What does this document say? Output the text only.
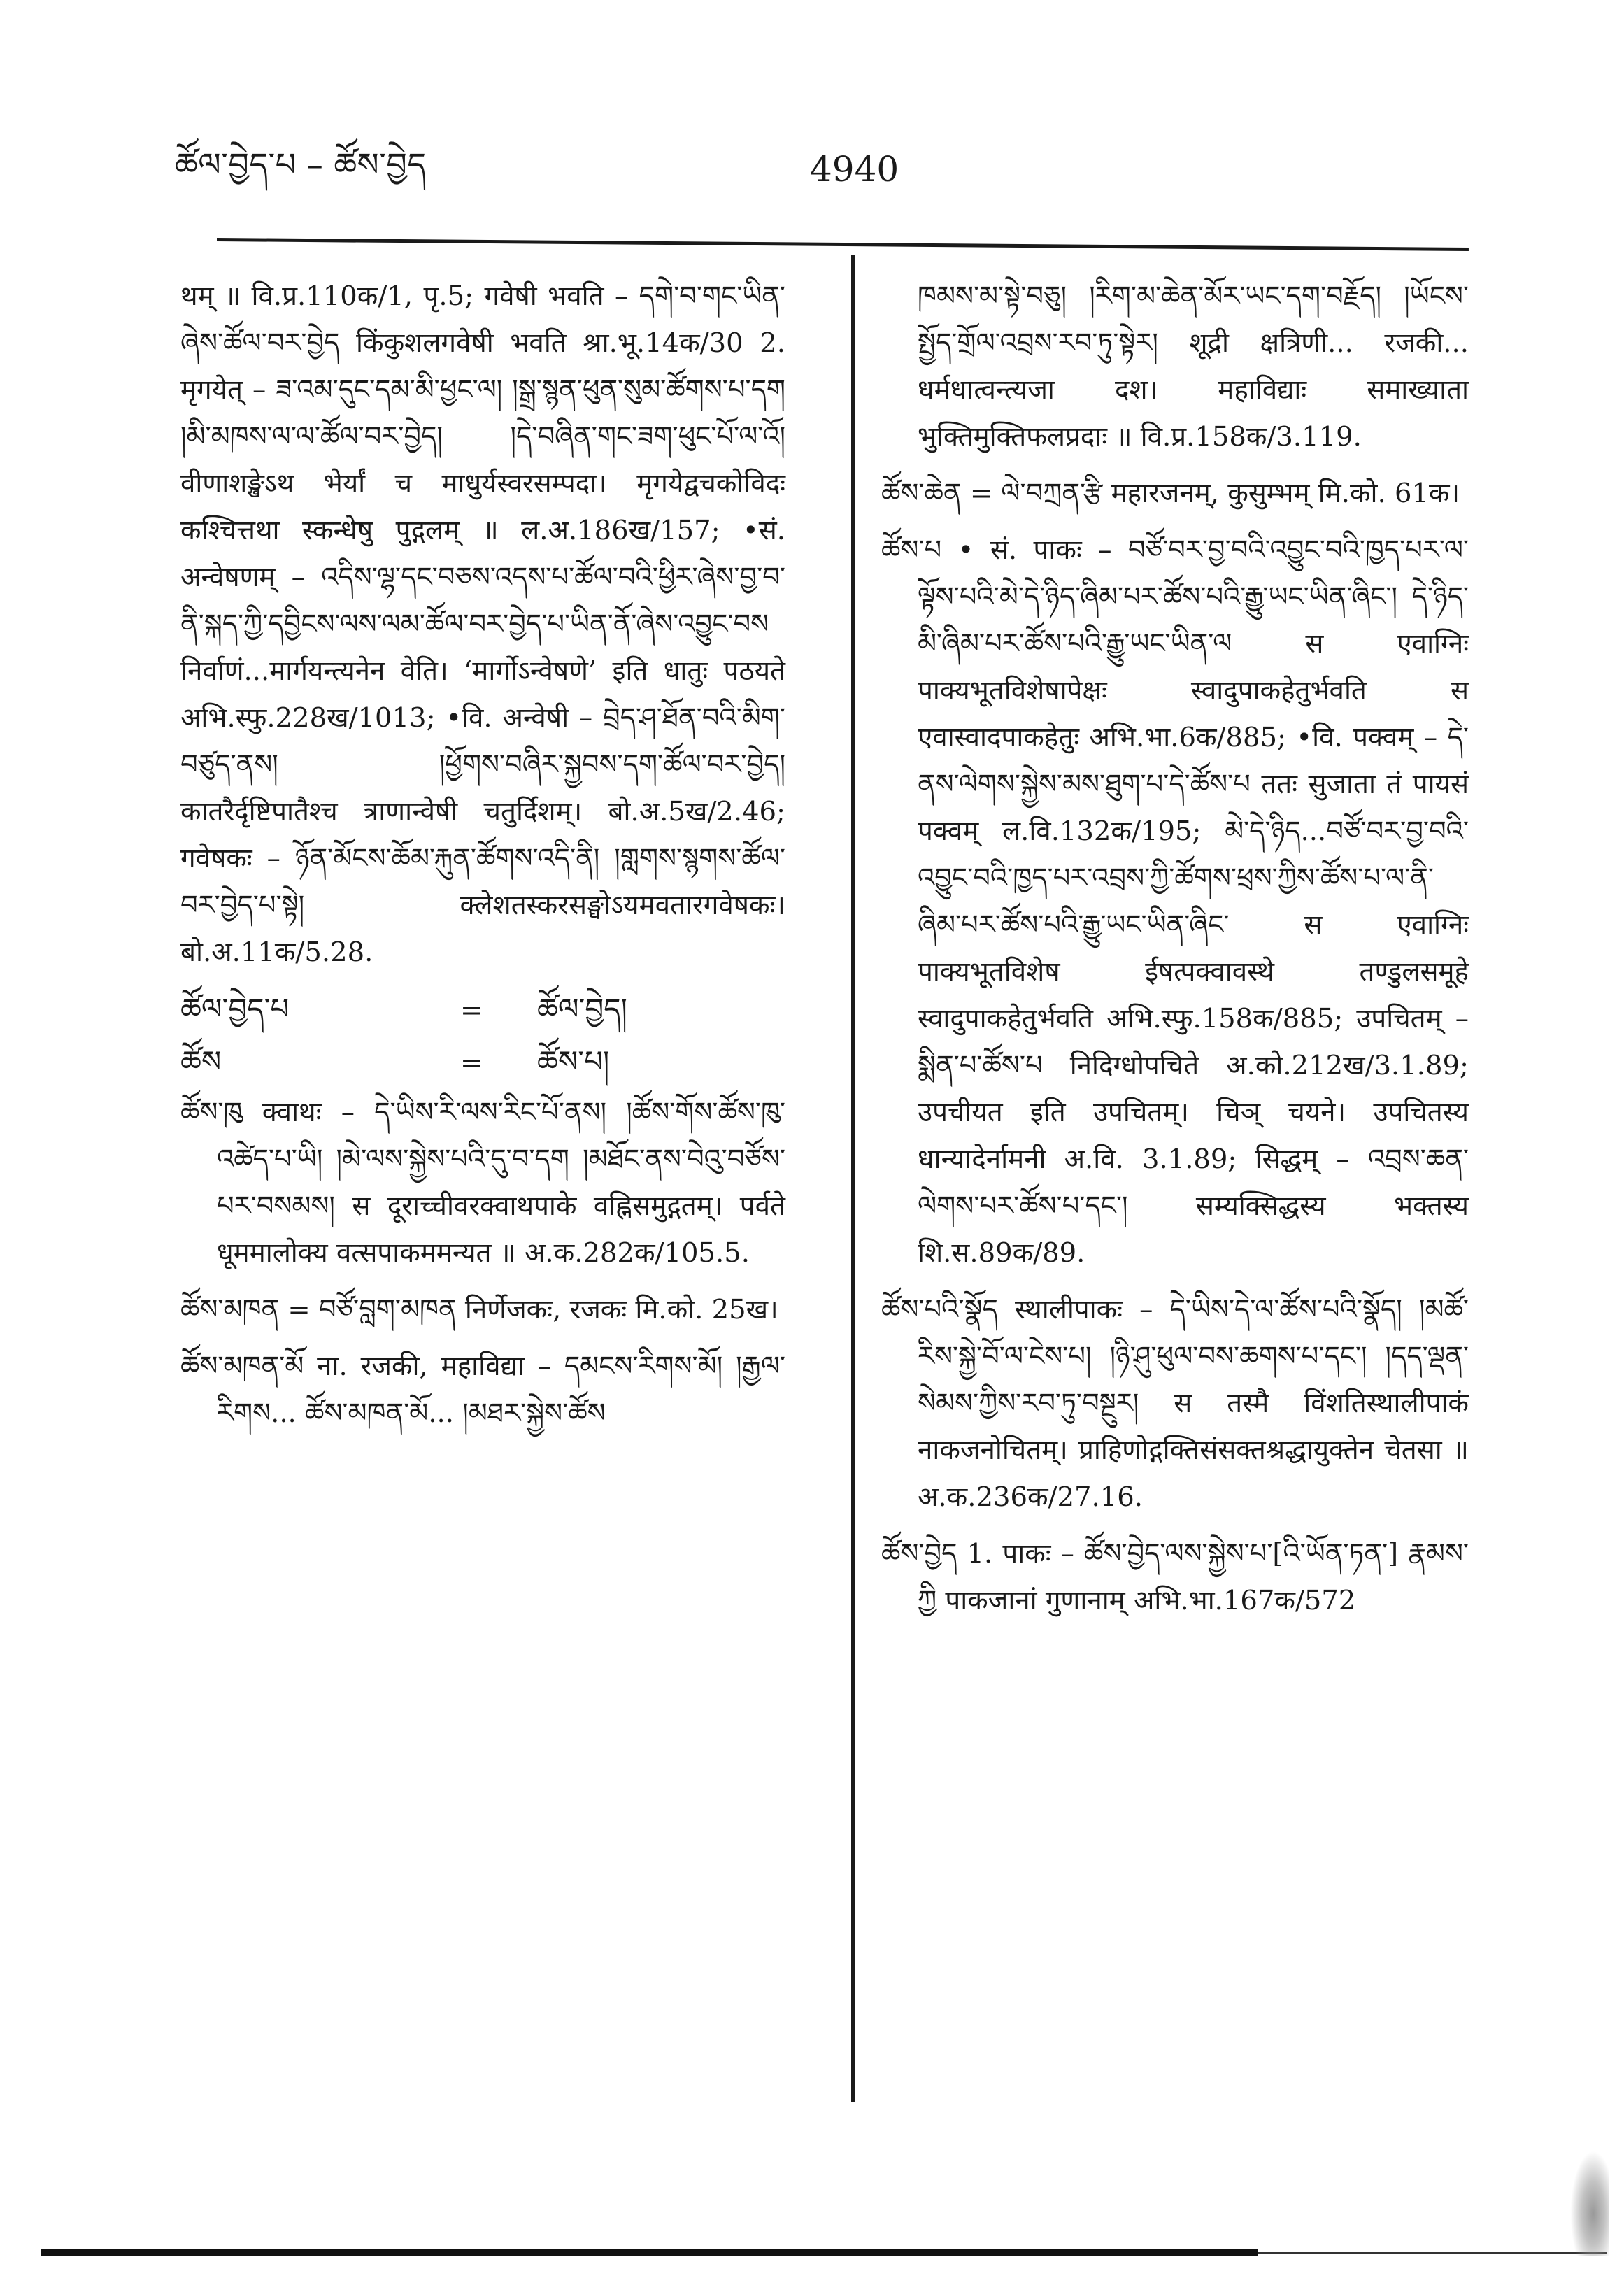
ཚོལ་བྱེད་པ – ཚོས་བྱེད	4940

थम् ॥ वि.प्र.110क/1, पृ.5; गवेषी भवति – དགེ་བ་གང་ཡིན་ཞེས་ཚོལ་བར་བྱེད किंकुशलगवेषी भवति श्रा.भू.14क/30 2. मृगयेत् – ཟ་འམ་དུང་དམ་མི་ཕྱང་ལ། །སྒྲ་སྙན་ཕུན་སུམ་ཚོགས་པ་དག །མི་མཁས་ལ་ལ་ཚོལ་བར་བྱེད། །དེ་བཞིན་གང་ཟག་ཕུང་པོ་ལ་འོ། वीणाशङ्खेऽथ भेर्यां च माधुर्यस्वरसम्पदा। मृगयेद्वचकोविदः कश्चित्तथा स्कन्धेषु पुद्गलम् ॥ ल.अ.186ख/157; •सं. अन्वेषणम् – འདིས་ལྷ་དང་བཅས་འདས་པ་ཚོལ་བའི་ཕྱིར་ཞེས་བྱ་བ་ནི་སྐད་ཀྱི་དབྱིངས་ལས་ལམ་ཚོལ་བར་བྱེད་པ་ཡིན་ནོ་ཞེས་འབྱུང་བས निर्वाणं...मार्गयन्त्यनेन वेति। ‘मार्गोऽन्वेषणे’ इति धातुः पठयते अभि.स्फु.228ख/1013; •वि. अन्वेषी – བྲེད་ཤ་ཐོན་བའི་མིག་བཙུད་ནས། །ཕྱོགས་བཞིར་སྐྱབས་དག་ཚོལ་བར་བྱེད། कातरैर्दृष्टिपातैश्च त्राणान्वेषी चतुर्दिशम्। बो.अ.5ख/2.46; गवेषकः – ཉོན་མོངས་ཆོམ་རྐུན་ཚོགས་འདི་ནི། །གླགས་སྙགས་ཚོལ་བར་བྱེད་པ་སྟེ། क्लेशतस्करसङ्घोऽयमवतारगवेषकः। बो.अ.11क/5.28.

ཚོལ་བྱེད་པ	=	ཚོལ་བྱེད།
ཚོས	=	ཚོས་པ།

ཚོས་ཁུ क्वाथः – དེ་ཡིས་རི་ལས་རིང་པོ་ནས། །ཚོས་གོས་ཚོས་ཁུ་འཚེད་པ་ཡི། །མེ་ལས་སྐྱེས་པའི་དུ་བ་དག །མཐོང་ནས་བེའུ་བཙོས་པར་བསམས། स दूराच्चीवरक्वाथपाके वह्निसमुद्गतम्। पर्वते धूममालोक्य वत्सपाकममन्यत ॥ अ.क.282क/105.5.

ཚོས་མཁན = བཙོ་བླག་མཁན निर्णेजकः, रजकः मि.को. 25ख।

ཚོས་མཁན་མོ ना. रजकी, महाविद्या – དམངས་རིགས་མོ། །རྒྱལ་རིགས... ཚོས་མཁན་མོ... །མཐར་སྐྱེས་ཚོས

ཁམས་མ་སྟེ་བཅུ། །རིག་མ་ཆེན་མོར་ཡང་དག་བརྗོད། །ཡོངས་སྤྱོད་གྲོལ་འབྲས་རབ་ཏུ་སྟེར། शूद्री क्षत्रिणी... रजकी... धर्मधात्वन्त्यजा दश। महाविद्याः समाख्याता भुक्तिमुक्तिफलप्रदाः ॥ वि.प्र.158क/3.119.

ཚོས་ཆེན = ལེ་བཀྲན་རྩི महारजनम्, कुसुम्भम् मि.को. 61क।

ཚོས་པ • सं. पाकः – བཙོ་བར་བྱ་བའི་འབྱུང་བའི་ཁྱད་པར་ལ་ལྟོས་པའི་མེ་དེ་ཉིད་ཞིམ་པར་ཚོས་པའི་རྒྱུ་ཡང་ཡིན་ཞིང་། དེ་ཉིད་མི་ཞིམ་པར་ཚོས་པའི་རྒྱུ་ཡང་ཡིན་ལ स एवाग्निः पाक्यभूतविशेषापेक्षः स्वादुपाकहेतुर्भवति स एवास्वादपाकहेतुः अभि.भा.6क/885; •वि. पक्वम् – དེ་ནས་ལེགས་སྐྱེས་མས་ཐུག་པ་དེ་ཚོས་པ ततः सुजाता तं पायसं पक्वम् ल.वि.132क/195; མེ་དེ་ཉིད...བཙོ་བར་བྱ་བའི་འབྱུང་བའི་ཁྱད་པར་འབྲས་ཀྱི་ཚོགས་ཕྲས་ཀྱིས་ཚོས་པ་ལ་ནི་ཞིམ་པར་ཚོས་པའི་རྒྱུ་ཡང་ཡིན་ཞིང་ स एवाग्निः पाक्यभूतविशेष ईषत्पक्वावस्थे तण्डुलसमूहे स्वादुपाकहेतुर्भवति अभि.स्फु.158क/885; उपचितम् – སྨིན་པ་ཚོས་པ निदिग्धोपचिते अ.को.212ख/3.1.89; उपचीयत इति उपचितम्। चिञ् चयने। उपचितस्य धान्यादेर्नामनी अ.वि. 3.1.89; सिद्धम् – འབྲས་ཆན་ལེགས་པར་ཚོས་པ་དང་། सम्यक्सिद्धस्य भक्तस्य शि.स.89क/89.

ཚོས་པའི་སྣོད स्थालीपाकः – དེ་ཡིས་དེ་ལ་ཚོས་པའི་སྣོད། །མཚོ་རིས་སྐྱེ་བོ་ལ་ངེས་པ། །ཉི་ཤུ་ཕུལ་བས་ཆགས་པ་དང་། །དད་ལྡན་སེམས་ཀྱིས་རབ་ཏུ་བསྔུར། स तस्मै विंशतिस्थालीपाकं नाकजनोचितम्। प्राहिणोद्गक्तिसंसक्तश्रद्धायुक्तेन चेतसा ॥ अ.क.236क/27.16.

ཚོས་བྱེད 1. पाकः – ཚོས་བྱེད་ལས་སྐྱེས་པ་[འི་ཡོན་ཏན་] རྣམས་ཀྱི पाकजानां गुणानाम् अभि.भा.167क/572
